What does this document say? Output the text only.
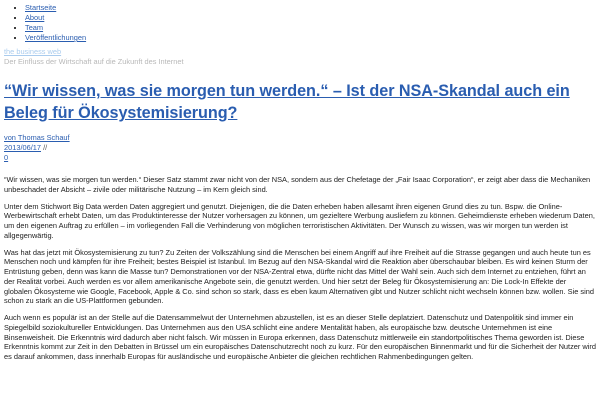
• Startseite
• About
• Team
• Veröffentlichungen
the business web
Der Einfluss der Wirtschaft auf die Zukunft des Internet
“Wir wissen, was sie morgen tun werden.“ – Ist der NSA-Skandal auch ein Beleg für Ökosystemisierung?
von Thomas Schauf
2013/06/17 //
0

“Wir wissen, was sie morgen tun werden.“ Dieser Satz stammt zwar nicht von der NSA, sondern aus der Chefetage der „Fair Isaac Corporation“, er zeigt aber dass die Mechaniken unbeschadet der Absicht – zivile oder militärische Nutzung – im Kern gleich sind.

Unter dem Stichwort Big Data werden Daten aggregiert und genutzt. Diejenigen, die die Daten erheben haben allesamt ihren eigenen Grund dies zu tun. Bspw. die Online-Werbewirtschaft erhebt Daten, um das Produktinteresse der Nutzer vorhersagen zu können, um gezieltere Werbung ausliefern zu können. Geheimdienste erheben wiederum Daten, um den eigenen Auftrag zu erfüllen – im vorliegenden Fall die Verhinderung von möglichen terroristischen Aktivitäten. Der Wunsch zu wissen, was wir morgen tun werden ist allgegenwärtig.

Was hat das jetzt mit Ökosystemisierung zu tun? Zu Zeiten der Volkszählung sind die Menschen bei einem Angriff auf ihre Freiheit auf die Strasse gegangen und auch heute tun es Menschen noch und kämpfen für ihre Freiheit; bestes Beispiel ist Istanbul. Im Bezug auf den NSA-Skandal wird die Reaktion aber überschaubar bleiben. Es wird keinen Sturm der Entrüstung geben, denn was kann die Masse tun? Demonstrationen vor der NSA-Zentral etwa, dürfte nicht das Mittel der Wahl sein. Auch sich dem Internet zu entziehen, führt an der Realität vorbei. Auch werden es vor allem amerikanische Angebote sein, die genutzt werden. Und hier setzt der Beleg für Ökosystemisierung an: Die Lock-In Effekte der globalen Ökosysteme wie Google, Facebook, Apple & Co. sind schon so stark, dass es eben kaum Alternativen gibt und Nutzer schlicht nicht wechseln können bzw. wollen. Sie sind schon zu stark an die US-Plattformen gebunden.

Auch wenn es populär ist an der Stelle auf die Datensammelwut der Unternehmen abzustellen, ist es an dieser Stelle deplatziert. Datenschutz und Datenpolitik sind immer ein Spiegelbild soziokultureller Entwicklungen. Das Unternehmen aus den USA schlicht eine andere Mentalität haben, als europäische bzw. deutsche Unternehmen ist eine Binsenweisheit. Die Erkenntnis wird dadurch aber nicht falsch. Wir müssen in Europa erkennen, dass Datenschutz mittlerweile ein standortpolitisches Thema geworden ist. Diese Erkenntnis kommt zur Zeit in den Debatten in Brüssel um ein europäisches Datenschutzrecht noch zu kurz. Für den europäischen Binnenmarkt und für die Sicherheit der Nutzer wird es darauf ankommen, dass innerhalb Europas für ausländische und europäische Anbieter die gleichen rechtlichen Rahmenbedingungen gelten.
